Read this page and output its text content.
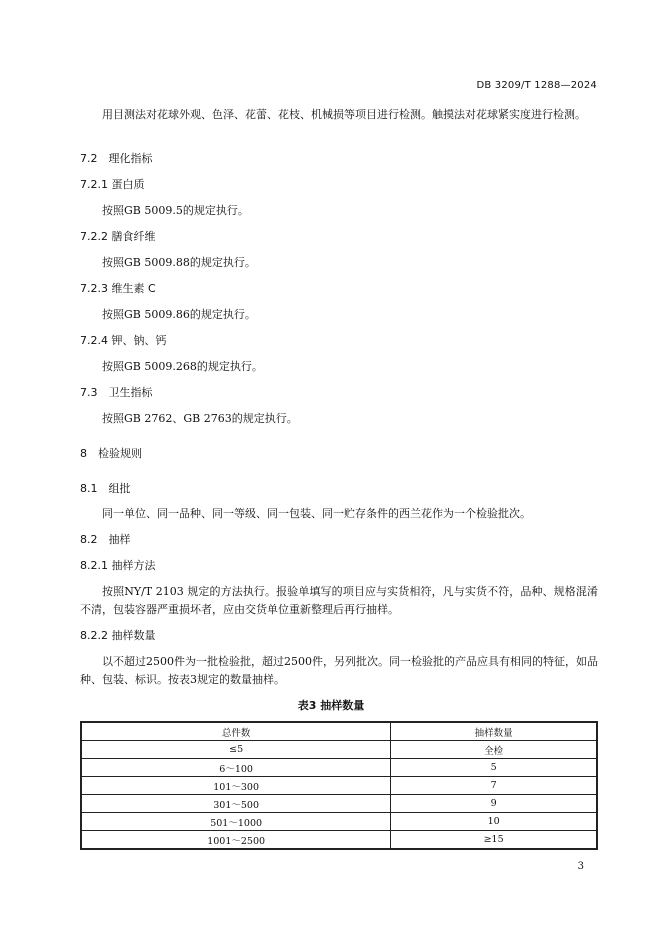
DB 3209/T 1288—2024
用目测法对花球外观、色泽、花蕾、花枝、机械损等项目进行检测。触摸法对花球紧实度进行检测。
7.2　理化指标
7.2.1 蛋白质
按照GB 5009.5的规定执行。
7.2.2 膳食纤维
按照GB 5009.88的规定执行。
7.2.3 维生素 C
按照GB 5009.86的规定执行。
7.2.4 钾、钠、钙
按照GB 5009.268的规定执行。
7.3　卫生指标
按照GB 2762、GB 2763的规定执行。
8　检验规则
8.1　组批
同一单位、同一品种、同一等级、同一包装、同一贮存条件的西兰花作为一个检验批次。
8.2　抽样
8.2.1 抽样方法
按照NY/T 2103 规定的方法执行。报验单填写的项目应与实货相符，凡与实货不符，品种、规格混淆不清，包装容器严重损坏者，应由交货单位重新整理后再行抽样。
8.2.2 抽样数量
以不超过2500件为一批检验批，超过2500件，另列批次。同一检验批的产品应具有相同的特征，如品种、包装、标识。按表3规定的数量抽样。
表3 抽样数量
总件数	抽样数量
≤5	全检
6～100	5
101～300	7
301～500	9
501～1000	10
1001～2500	≥15
3
